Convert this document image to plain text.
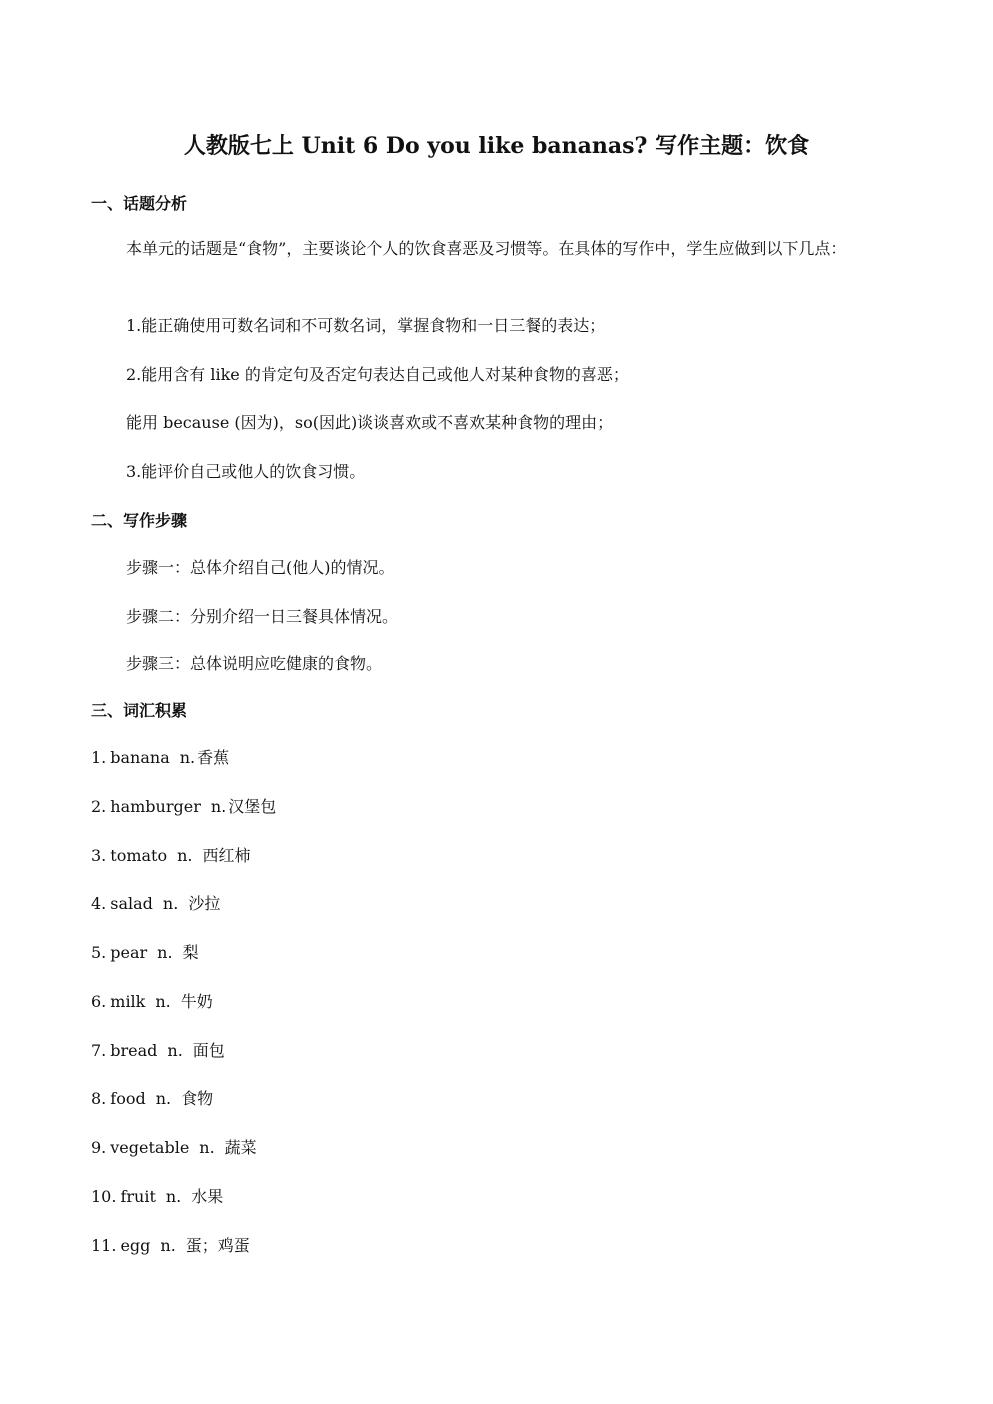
人教版七上 Unit 6 Do you like bananas? 写作主题：饮食
一、话题分析

本单元的话题是“食物”，主要谈论个人的饮食喜恶及习惯等。在具体的写作中，学生应做到以下几点：

1.能正确使用可数名词和不可数名词，掌握食物和一日三餐的表达；
2.能用含有 like 的肯定句及否定句表达自己或他人对某种食物的喜恶；
能用 because (因为)，so(因此)谈谈喜欢或不喜欢某种食物的理由；
3.能评价自己或他人的饮食习惯。
二、写作步骤
步骤一：总体介绍自己(他人)的情况。
步骤二：分别介绍一日三餐具体情况。
步骤三：总体说明应吃健康的食物。
三、词汇积累
1. banana n. 香蕉
2. hamburger n. 汉堡包
3. tomato n. 西红柿
4. salad n. 沙拉
5. pear n. 梨
6. milk n. 牛奶
7. bread n. 面包
8. food n. 食物
9. vegetable n. 蔬菜
10. fruit n. 水果
11. egg n. 蛋；鸡蛋
